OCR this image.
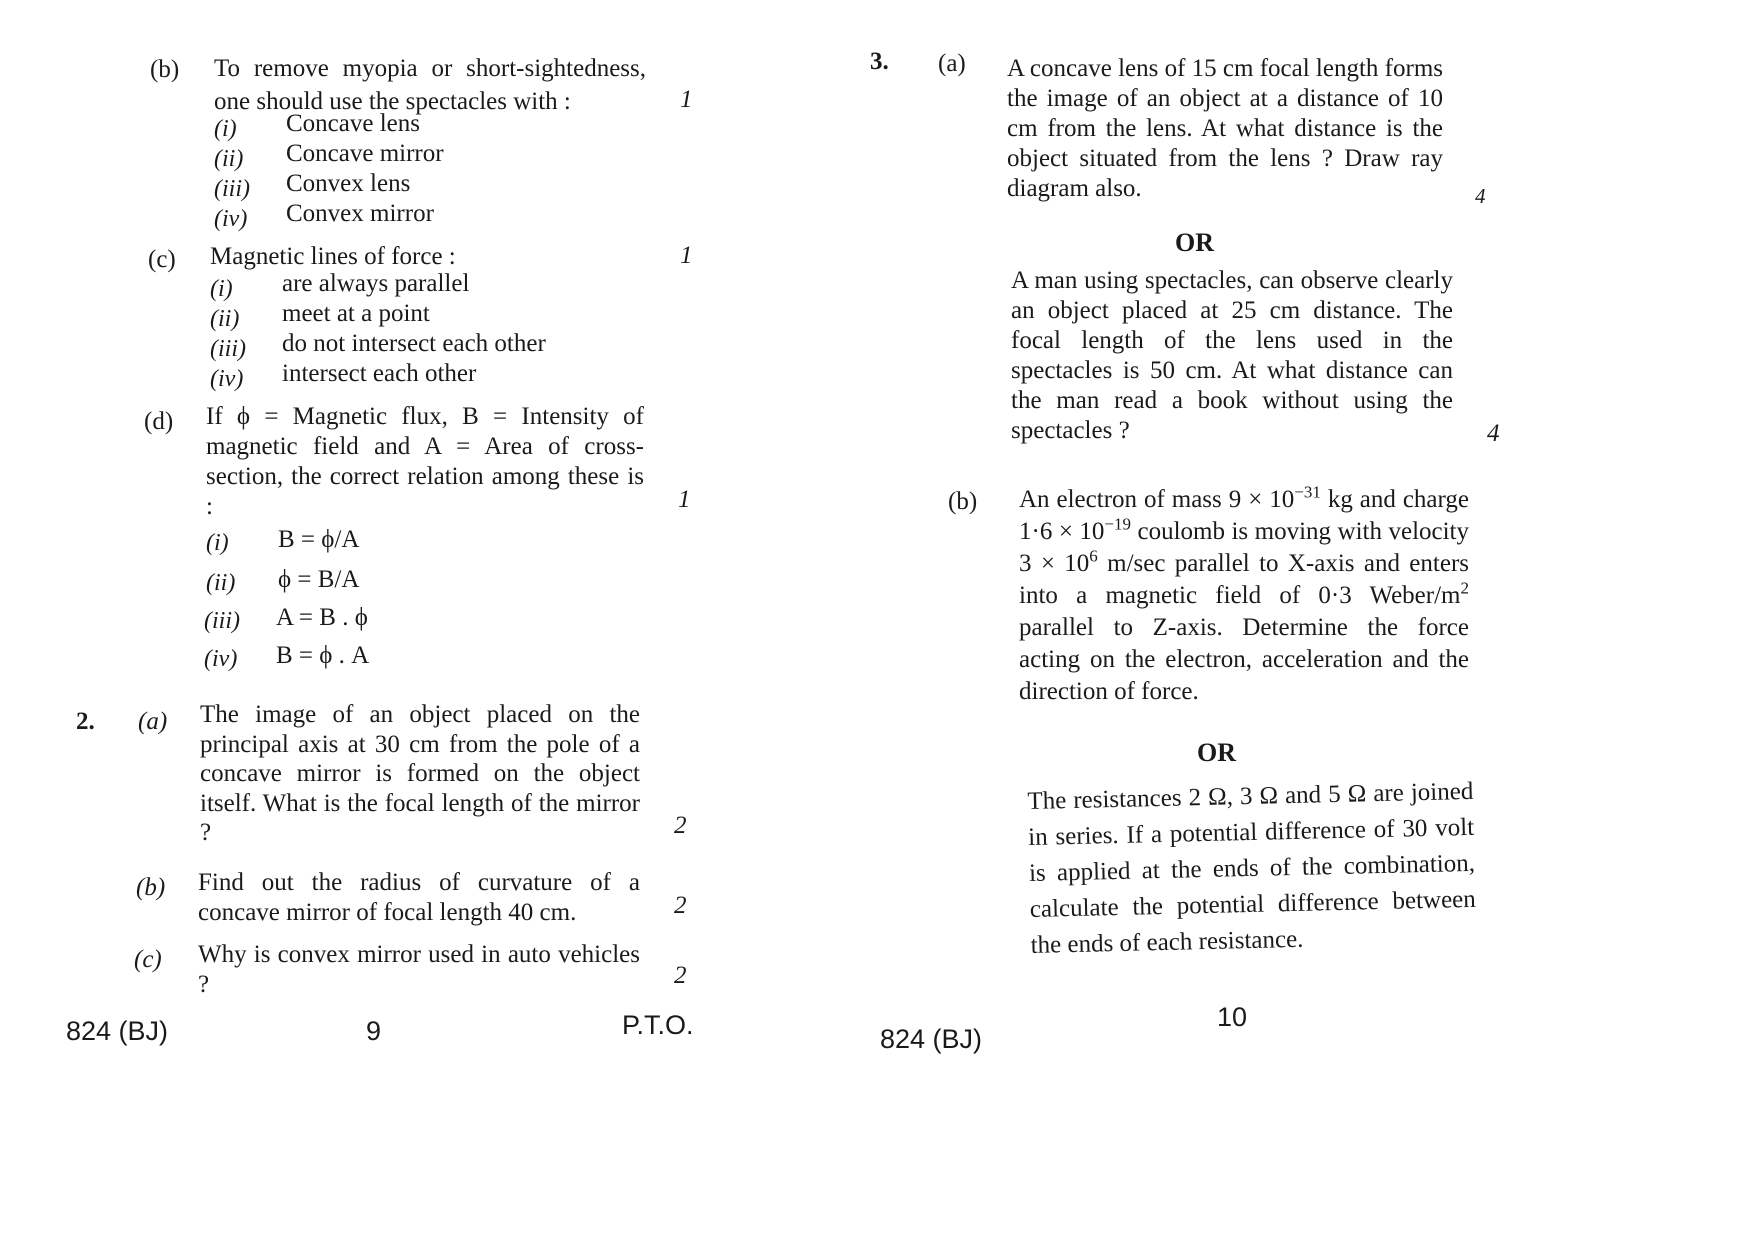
(b) To remove myopia or short-sightedness, one should use the spectacles with :	1
(i) Concave lens
(ii) Concave mirror
(iii) Convex lens
(iv) Convex mirror
(c) Magnetic lines of force :	1
(i) are always parallel
(ii) meet at a point
(iii) do not intersect each other
(iv) intersect each other
(d) If ϕ = Magnetic flux, B = Intensity of magnetic field and A = Area of cross-section, the correct relation among these is :	1
(i) B = ϕ/A
(ii) ϕ = B/A
(iii) A = B . ϕ
(iv) B = ϕ . A
2. (a) The image of an object placed on the principal axis at 30 cm from the pole of a concave mirror is formed on the object itself. What is the focal length of the mirror ?	2
(b) Find out the radius of curvature of a concave mirror of focal length 40 cm.	2
(c) Why is convex mirror used in auto vehicles ?	2
824 (BJ)	9	P.T.O.
3. (a) A concave lens of 15 cm focal length forms the image of an object at a distance of 10 cm from the lens. At what distance is the object situated from the lens ? Draw ray diagram also.	4
OR
A man using spectacles, can observe clearly an object placed at 25 cm distance. The focal length of the lens used in the spectacles is 50 cm. At what distance can the man read a book without using the spectacles ?	4
(b) An electron of mass $9 \times 10^{-31}$ kg and charge $1\cdot 6 \times 10^{-19}$ coulomb is moving with velocity $3 \times 10^6$ m/sec parallel to X-axis and enters into a magnetic field of 0·3 Weber/$m^2$ parallel to Z-axis. Determine the force acting on the electron, acceleration and the direction of force.
OR
The resistances 2 Ω, 3 Ω and 5 Ω are joined in series. If a potential difference of 30 volt is applied at the ends of the combination, calculate the potential difference between the ends of each resistance.
824 (BJ)
10
